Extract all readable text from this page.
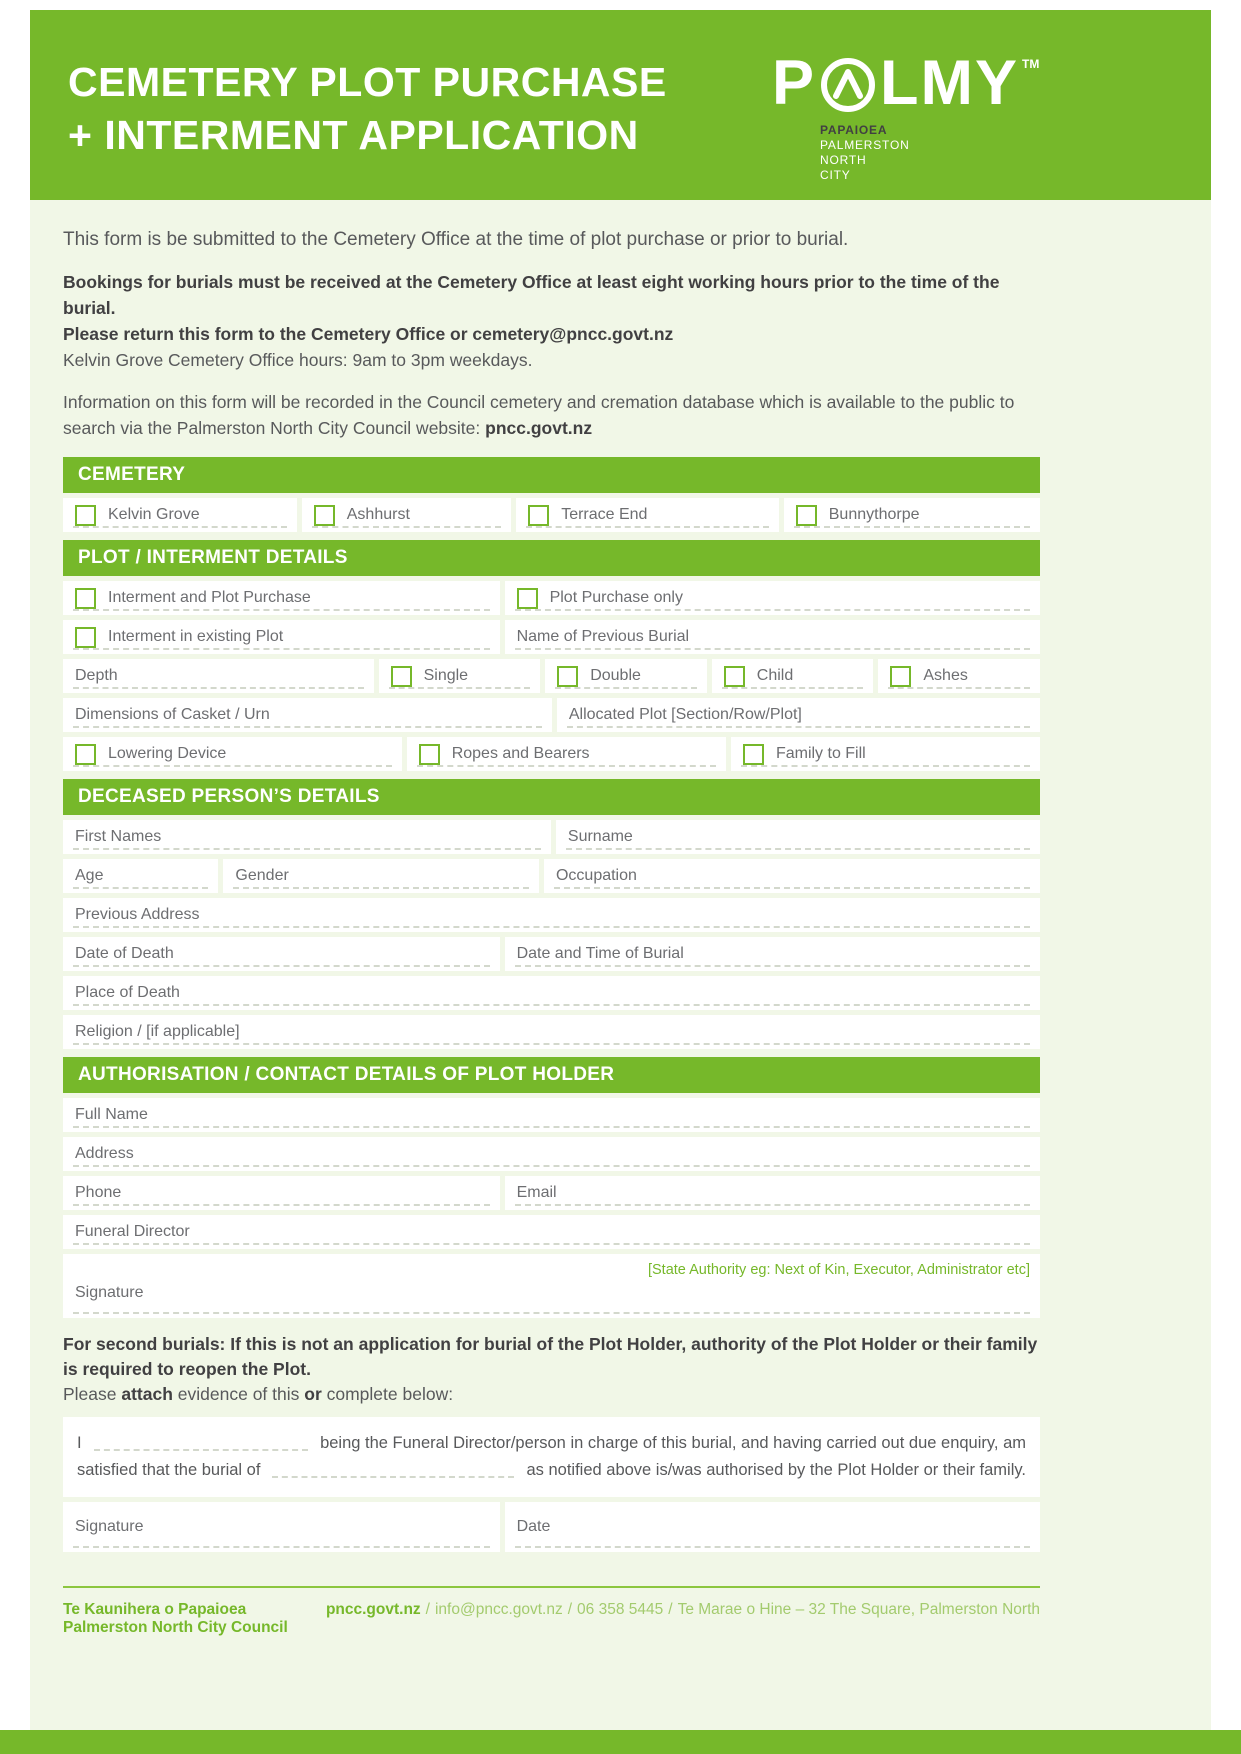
CEMETERY PLOT PURCHASE
+ INTERMENT APPLICATION
P LMY TM
PAPAIOEA
PALMERSTON
NORTH
CITY

This form is be submitted to the Cemetery Office at the time of plot purchase or prior to burial.

Bookings for burials must be received at the Cemetery Office at least eight working hours prior to the time of the burial.
Please return this form to the Cemetery Office or cemetery@pncc.govt.nz
Kelvin Grove Cemetery Office hours: 9am to 3pm weekdays.

Information on this form will be recorded in the Council cemetery and cremation database which is available to the public to search via the Palmerston North City Council website: pncc.govt.nz

CEMETERY
Kelvin Grove	Ashhurst	Terrace End	Bunnythorpe
PLOT / INTERMENT DETAILS
Interment and Plot Purchase	Plot Purchase only
Interment in existing Plot	Name of Previous Burial
Depth	Single	Double	Child	Ashes
Dimensions of Casket / Urn	Allocated Plot [Section/Row/Plot]
Lowering Device	Ropes and Bearers	Family to Fill
DECEASED PERSON’S DETAILS
First Names	Surname
Age	Gender	Occupation
Previous Address
Date of Death	Date and Time of Burial
Place of Death
Religion / [if applicable]
AUTHORISATION / CONTACT DETAILS OF PLOT HOLDER
Full Name
Address
Phone	Email
Funeral Director
Signature
[State Authority eg: Next of Kin, Executor, Administrator etc]
For second burials: If this is not an application for burial of the Plot Holder, authority of the Plot Holder or their family is required to reopen the Plot.
Please attach evidence of this or complete below:
I	being the Funeral Director/person in charge of this burial, and having carried out due enquiry, am
satisfied that the burial of	as notified above is/was authorised by the Plot Holder or their family.
Signature	Date
Te Kaunihera o Papaioea Palmerston North City Council
pncc.govt.nz / info@pncc.govt.nz / 06 358 5445 / Te Marae o Hine – 32 The Square, Palmerston North
